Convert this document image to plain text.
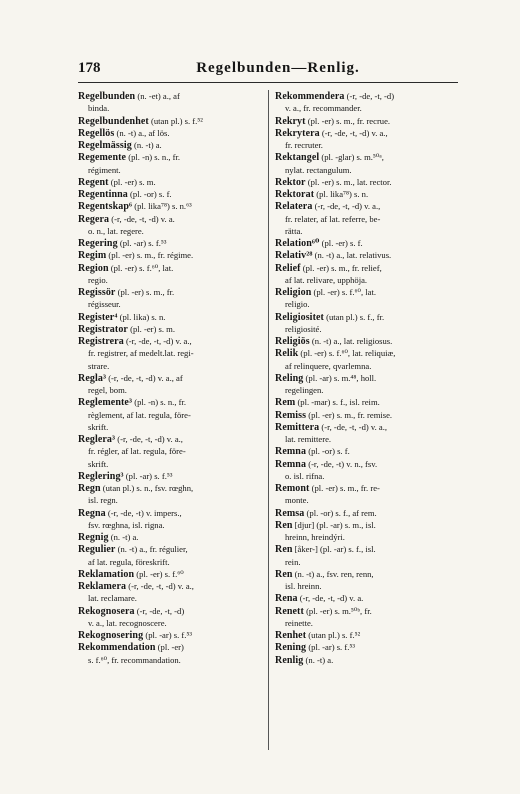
178	Regelbunden—Renlig.
Regelbunden (n. -et) a., af
binda.
Regelbundenhet (utan pl.) s. f.⁵²
Regellös (n. -t) a., af lös.
Regelmässig (n. -t) a.
Regemente (pl. -n) s. n., fr.
régiment.
Regent (pl. -er) s. m.
Regentinna (pl. -or) s. f.
Regentskap⁶ (pl. lika⁷⁸) s. n.⁶³
Regera (-r, -de, -t, -d) v. a.
o. n., lat. regere.
Regering (pl. -ar) s. f.⁵³
Regim (pl. -er) s. m., fr. régime.
Region (pl. -er) s. f.⁶⁰, lat.
regio.
Regissör (pl. -er) s. m., fr.
régisseur.
Register⁴ (pl. lika) s. n.
Registrator (pl. -er) s. m.
Registrera (-r, -de, -t, -d) v. a.,
fr. registrer, af medelt.lat. regi-
strare.
Regla³ (-r, -de, -t, -d) v. a., af
regel, bom.
Reglemente³ (pl. -n) s. n., fr.
règlement, af lat. regula, före-
skrift.
Reglera³ (-r, -de, -t, -d) v. a.,
fr. régler, af lat. regula, före-
skrift.
Reglering³ (pl. -ar) s. f.⁵³
Regn (utan pl.) s. n., fsv. rœghn,
isl. regn.
Regna (-r, -de, -t) v. impers.,
fsv. rœghna, isl. rigna.
Regnig (n. -t) a.
Regulier (n. -t) a., fr. régulier,
af lat. regula, föreskrift.
Reklamation (pl. -er) s. f.⁶⁰
Reklamera (-r, -de, -t, -d) v. a.,
lat. reclamare.
Rekognosera (-r, -de, -t, -d)
v. a., lat. recognoscere.
Rekognosering (pl. -ar) s. f.⁵³
Rekommendation (pl. -er)
s. f.⁶⁰, fr. recommandation.
Rekommendera (-r, -de, -t, -d)
v. a., fr. recommander.
Rekryt (pl. -er) s. m., fr. recrue.
Rekrytera (-r, -de, -t, -d) v. a.,
fr. recruter.
Rektangel (pl. -glar) s. m.⁵⁰ᵃ,
nylat. rectangulum.
Rektor (pl. -er) s. m., lat. rector.
Rektorat (pl. lika⁷⁸) s. n.
Relatera (-r, -de, -t, -d) v. a.,
fr. relater, af lat. referre, be-
rätta.
Relation⁶⁰ (pl. -er) s. f.
Relativ²⁸ (n. -t) a., lat. relativus.
Relief (pl. -er) s. m., fr. relief,
af lat. relivare, upphöja.
Religion (pl. -er) s. f.⁶⁰, lat.
religio.
Religiositet (utan pl.) s. f., fr.
religiosité.
Religiös (n. -t) a., lat. religiosus.
Relik (pl. -er) s. f.⁶⁰, lat. reliquiæ,
af relinquere, qvarlemna.
Reling (pl. -ar) s. m.⁴⁸, holl.
regelingen.
Rem (pl. -mar) s. f., isl. reim.
Remiss (pl. -er) s. m., fr. remise.
Remittera (-r, -de, -t, -d) v. a.,
lat. remittere.
Remna (pl. -or) s. f.
Remna (-r, -de, -t) v. n., fsv.
o. isl. rifna.
Remont (pl. -er) s. m., fr. re-
monte.
Remsa (pl. -or) s. f., af rem.
Ren [djur] (pl. -ar) s. m., isl.
hreinn, hreindýri.
Ren [åker-] (pl. -ar) s. f., isl.
rein.
Ren (n. -t) a., fsv. ren, renn,
isl. hreinn.
Rena (-r, -de, -t, -d) v. a.
Renett (pl. -er) s. m.⁵⁰ᵇ, fr.
reinette.
Renhet (utan pl.) s. f.⁵²
Rening (pl. -ar) s. f.⁵³
Renlig (n. -t) a.
